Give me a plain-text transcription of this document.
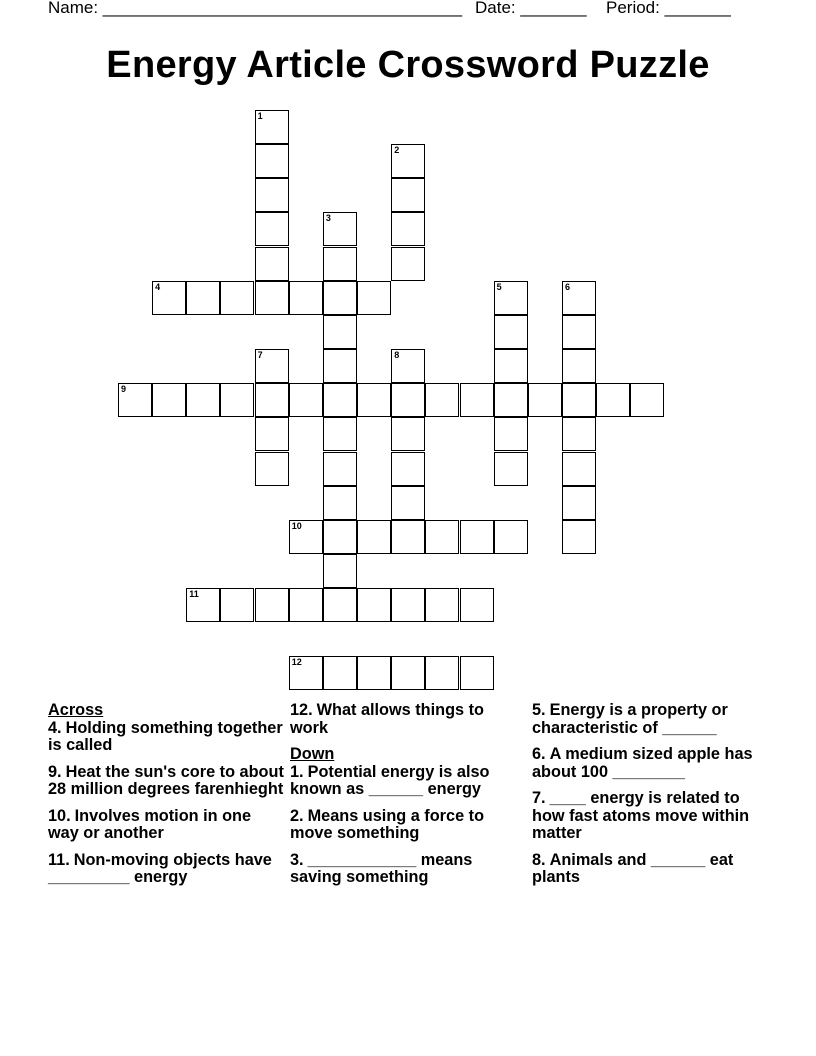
Name: ______________________________________ Date: _______ Period: _______
Energy Article Crossword Puzzle
1
2
3
4	5	6
7	8
9
10
11
12
Across
4. Holding something together is called
9. Heat the sun's core to about 28 million degrees farenhieght
10. Involves motion in one way or another
11. Non-moving objects have _________ energy
12. What allows things to work
Down
1. Potential energy is also known as ______ energy
2. Means using a force to move something
3. ____________ means saving something
5. Energy is a property or characteristic of ______
6. A medium sized apple has about 100 ________
7. ____ energy is related to how fast atoms move within matter
8. Animals and ______ eat plants
